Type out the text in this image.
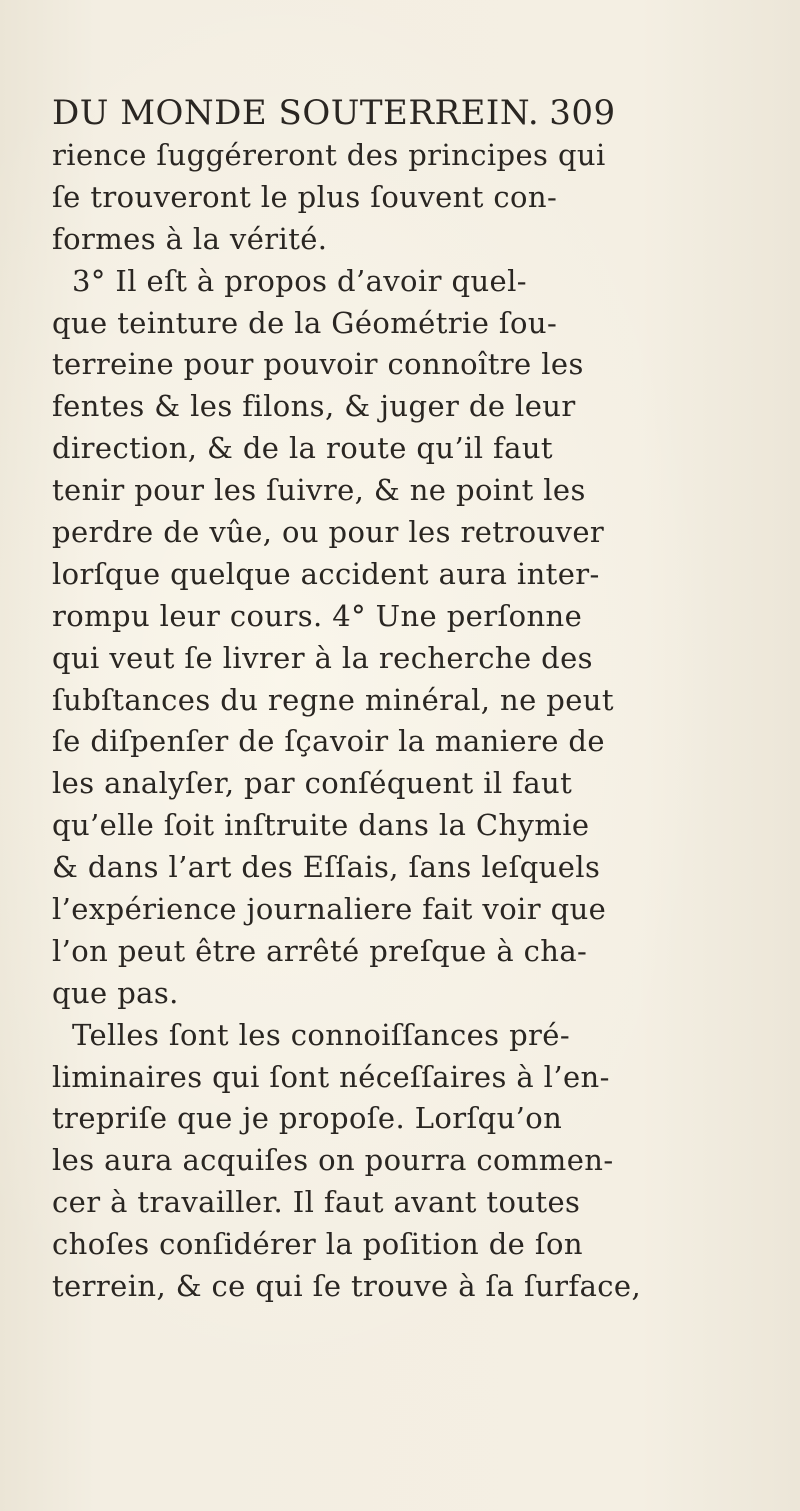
DU MONDE SOUTERREIN. 309
rience ſuggéreront des principes qui
ſe trouveront le plus ſouvent con-
formes à la vérité.
3° Il eſt à propos d’avoir quel-
que teinture de la Géométrie ſou-
terreine pour pouvoir connoître les
fentes & les filons, & juger de leur
direction, & de la route qu’il faut
tenir pour les ſuivre, & ne point les
perdre de vûe, ou pour les retrouver
lorſque quelque accident aura inter-
rompu leur cours. 4° Une perſonne
qui veut ſe livrer à la recherche des
ſubſtances du regne minéral, ne peut
ſe diſpenſer de ſçavoir la maniere de
les analyſer, par conſéquent il faut
qu’elle ſoit inſtruite dans la Chymie
& dans l’art des Eſſais, ſans leſquels
l’expérience journaliere fait voir que
l’on peut être arrêté preſque à cha-
que pas.
Telles ſont les connoiſſances pré-
liminaires qui ſont néceſſaires à l’en-
trepriſe que je propoſe. Lorſqu’on
les aura acquiſes on pourra commen-
cer à travailler. Il faut avant toutes
choſes conſidérer la poſition de ſon
terrein, & ce qui ſe trouve à ſa ſurface,
